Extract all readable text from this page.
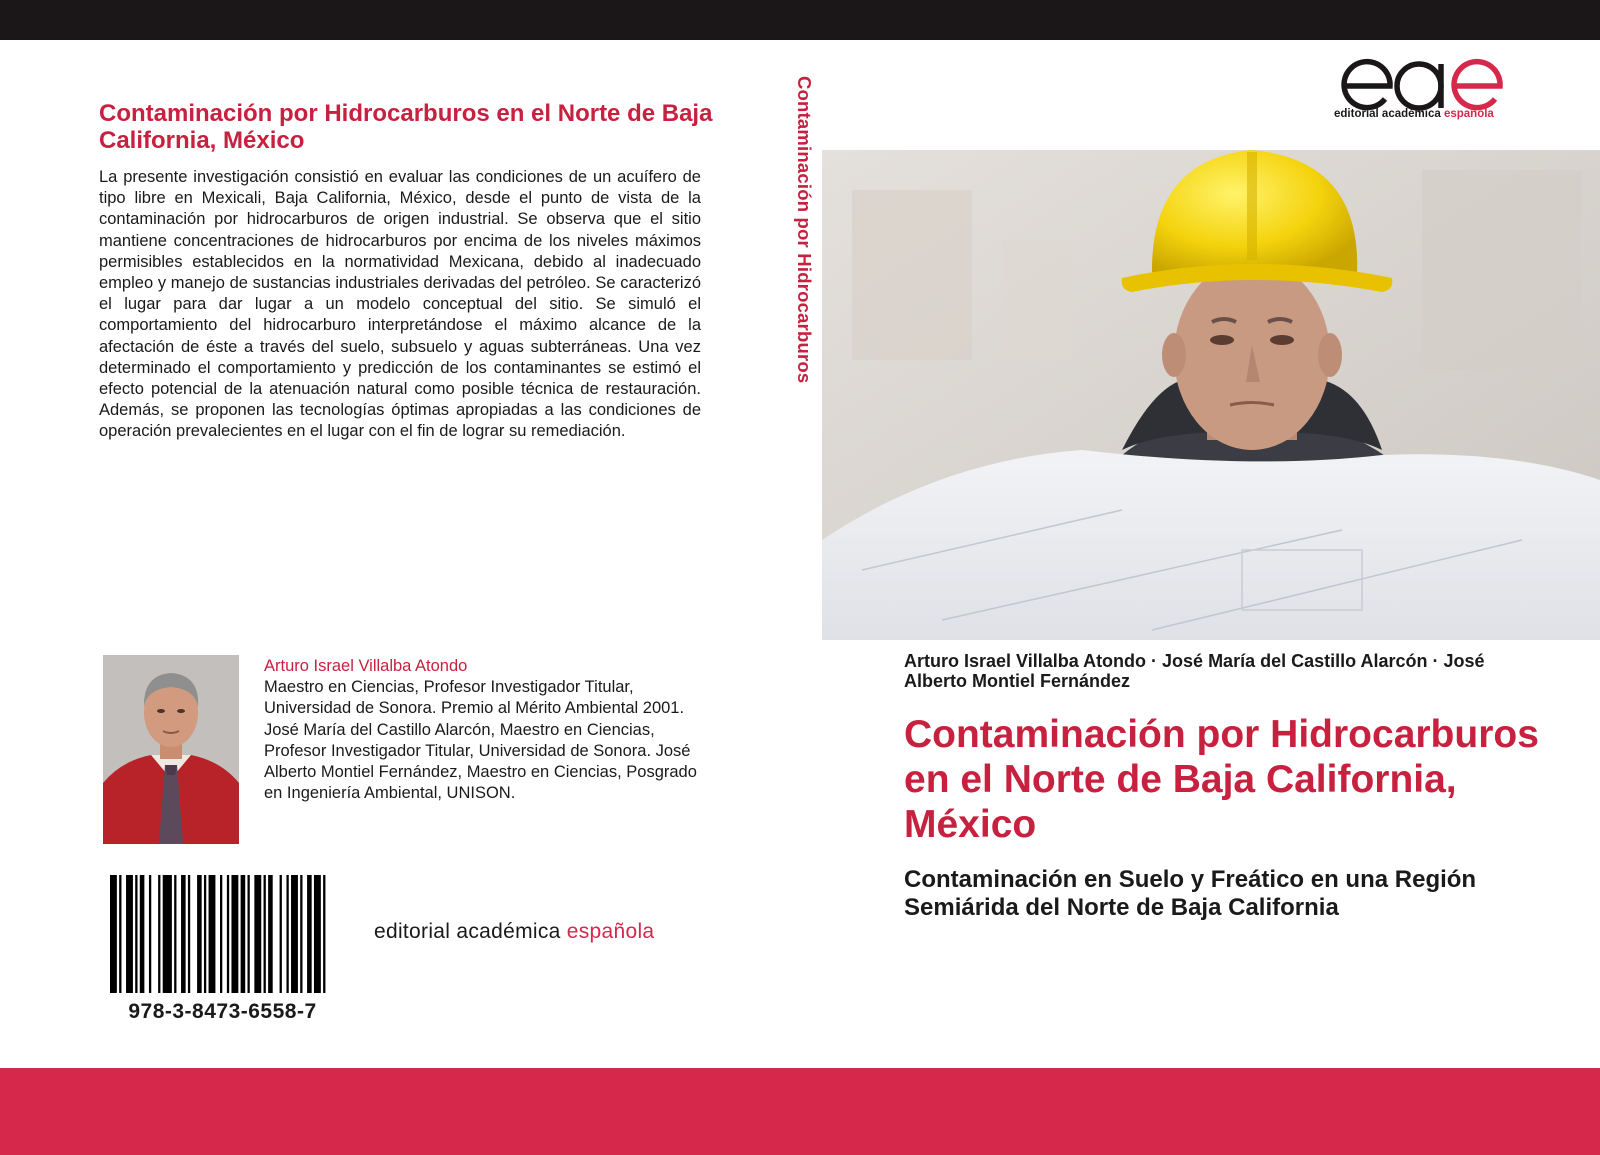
Contaminación por Hidrocarburos en el Norte de Baja California, México

La presente investigación consistió en evaluar las condiciones de un acuífero de tipo libre en Mexicali, Baja California, México, desde el punto de vista de la contaminación por hidrocarburos de origen industrial. Se observa que el sitio mantiene concentraciones de hidrocarburos por encima de los niveles máximos permisibles establecidos en la normatividad Mexicana, debido al inadecuado empleo y manejo de sustancias industriales derivadas del petróleo. Se caracterizó el lugar para dar lugar a un modelo conceptual del sitio. Se simuló el comportamiento del hidrocarburo interpretándose el máximo alcance de la afectación de éste a través del suelo, subsuelo y aguas subterráneas. Una vez determinado el comportamiento y predicción de los contaminantes se estimó el efecto potencial de la atenuación natural como posible técnica de restauración. Además, se proponen las tecnologías óptimas apropiadas a las condiciones de operación prevalecientes en el lugar con el fin de lograr su remediación.

Arturo Israel Villalba Atondo
Maestro en Ciencias, Profesor Investigador Titular, Universidad de Sonora. Premio al Mérito Ambiental 2001. José María del Castillo Alarcón, Maestro en Ciencias, Profesor Investigador Titular, Universidad de Sonora. José Alberto Montiel Fernández, Maestro en Ciencias, Posgrado en Ingeniería Ambiental, UNISON.
978-3-8473-6558-7
editorial académica española
Contaminación por Hidrocarburos	editorial académica española
Arturo Israel Villalba Atondo · José María del Castillo Alarcón · José Alberto Montiel Fernández
Contaminación por Hidrocarburos en el Norte de Baja California, México
Contaminación en Suelo y Freático en una Región Semiárida del Norte de Baja California
